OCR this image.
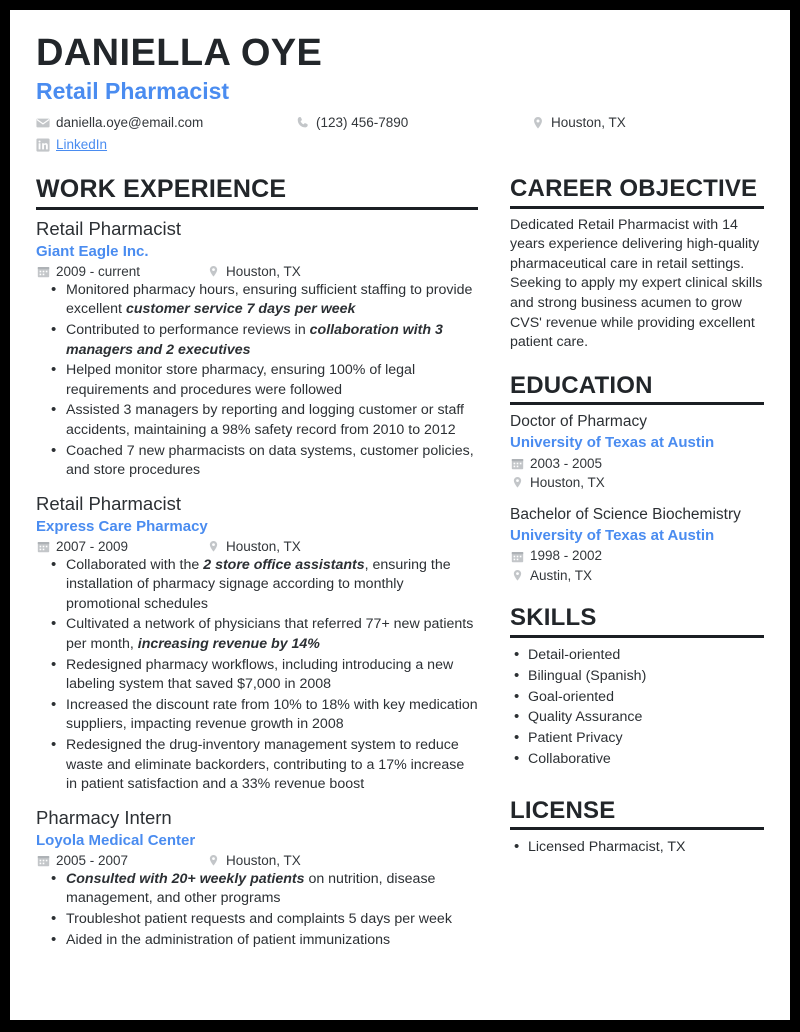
DANIELLA OYE
Retail Pharmacist
daniella.oye@email.com	(123) 456-7890	Houston, TX
LinkedIn
WORK EXPERIENCE
Retail Pharmacist
Giant Eagle Inc.
2009 - current	Houston, TX
• Monitored pharmacy hours, ensuring sufficient staffing to provide excellent customer service 7 days per week
• Contributed to performance reviews in collaboration with 3 managers and 2 executives
• Helped monitor store pharmacy, ensuring 100% of legal requirements and procedures were followed
• Assisted 3 managers by reporting and logging customer or staff accidents, maintaining a 98% safety record from 2010 to 2012
• Coached 7 new pharmacists on data systems, customer policies, and store procedures
Retail Pharmacist
Express Care Pharmacy
2007 - 2009	Houston, TX
• Collaborated with the 2 store office assistants, ensuring the installation of pharmacy signage according to monthly promotional schedules
• Cultivated a network of physicians that referred 77+ new patients per month, increasing revenue by 14%
• Redesigned pharmacy workflows, including introducing a new labeling system that saved $7,000 in 2008
• Increased the discount rate from 10% to 18% with key medication suppliers, impacting revenue growth in 2008
• Redesigned the drug-inventory management system to reduce waste and eliminate backorders, contributing to a 17% increase in patient satisfaction and a 33% revenue boost
Pharmacy Intern
Loyola Medical Center
2005 - 2007	Houston, TX
• Consulted with 20+ weekly patients on nutrition, disease management, and other programs
• Troubleshot patient requests and complaints 5 days per week
• Aided in the administration of patient immunizations
CAREER OBJECTIVE
Dedicated Retail Pharmacist with 14 years experience delivering high-quality pharmaceutical care in retail settings. Seeking to apply my expert clinical skills and strong business acumen to grow CVS' revenue while providing excellent patient care.
EDUCATION
Doctor of Pharmacy
University of Texas at Austin
2003 - 2005
Houston, TX
Bachelor of Science Biochemistry
University of Texas at Austin
1998 - 2002
Austin, TX
SKILLS
• Detail-oriented
• Bilingual (Spanish)
• Goal-oriented
• Quality Assurance
• Patient Privacy
• Collaborative
LICENSE
• Licensed Pharmacist, TX
